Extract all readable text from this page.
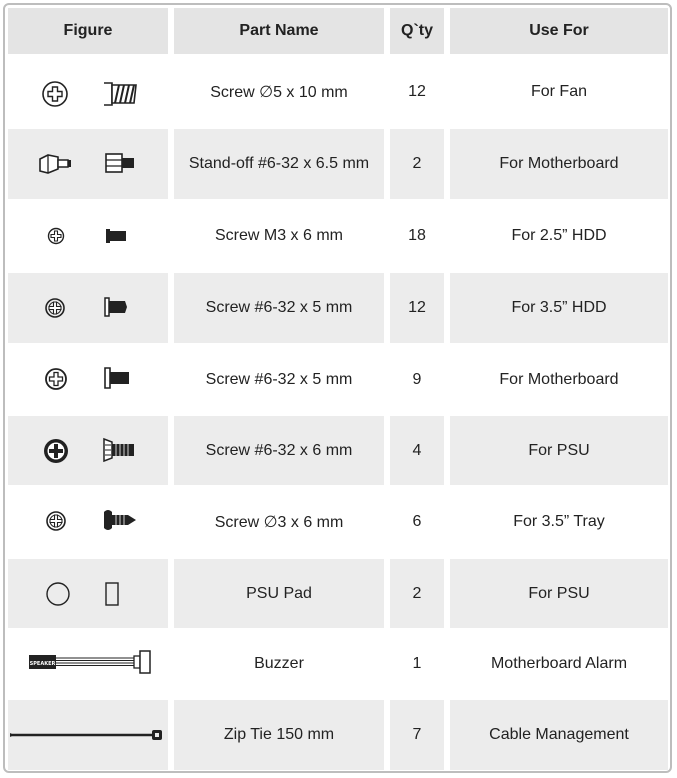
Figure	Part Name	Q`ty	Use For
Screw ∅5 x 10 mm	12	For Fan
Stand-off #6-32 x 6.5 mm	2	For Motherboard
Screw M3 x 6 mm	18	For 2.5” HDD
Screw #6-32 x 5 mm	12	For 3.5” HDD
Screw #6-32 x 5 mm	9	For Motherboard
Screw #6-32 x 6 mm	4	For PSU
Screw ∅3 x 6 mm	6	For 3.5” Tray
PSU Pad	2	For PSU
Buzzer	1	Motherboard Alarm
Zip Tie 150 mm	7	Cable Management
SPEAKER
